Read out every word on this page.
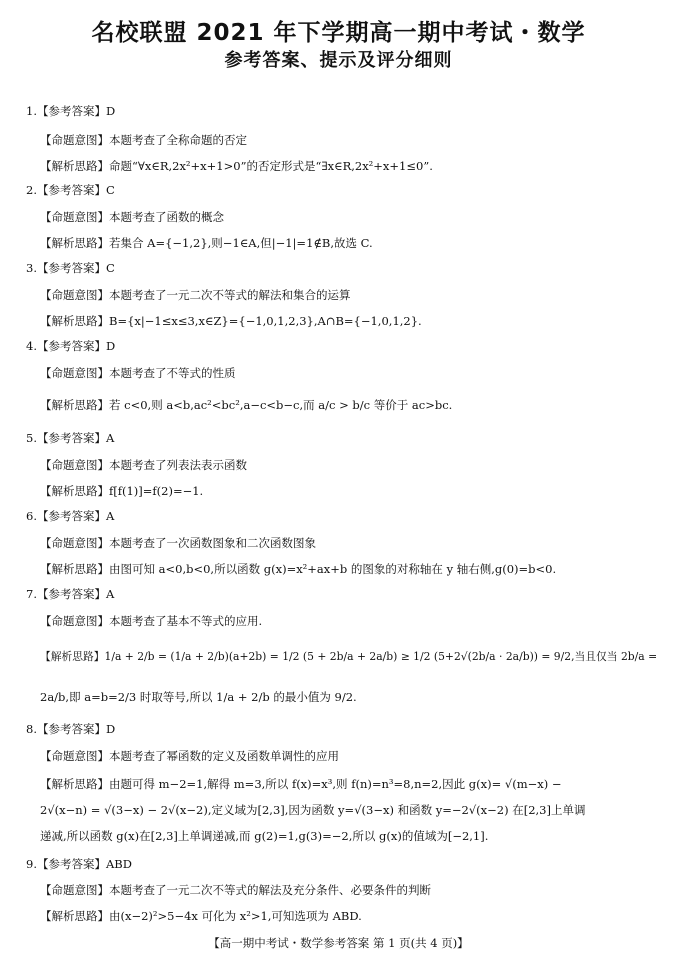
名校联盟 2021 年下学期高一期中考试・数学
参考答案、提示及评分细则
1.【参考答案】D
【命题意图】本题考查了全称命题的否定
【解析思路】命题“∀x∈R,2x²+x+1>0”的否定形式是“∃x∈R,2x²+x+1≤0”.
2.【参考答案】C
【命题意图】本题考查了函数的概念
【解析思路】若集合 A={−1,2},则−1∈A,但|−1|=1∉B,故选 C.
3.【参考答案】C
【命题意图】本题考查了一元二次不等式的解法和集合的运算
【解析思路】B={x|−1≤x≤3,x∈Z}={−1,0,1,2,3},A∩B={−1,0,1,2}.
4.【参考答案】D
【命题意图】本题考查了不等式的性质
【解析思路】若 c<0,则 a<b,ac²<bc²,a−c<b−c,而 a/c > b/c 等价于 ac>bc.
5.【参考答案】A
【命题意图】本题考查了列表法表示函数
【解析思路】f[f(1)]=f(2)=−1.
6.【参考答案】A
【命题意图】本题考查了一次函数图象和二次函数图象
【解析思路】由图可知 a<0,b<0,所以函数 g(x)=x²+ax+b 的图象的对称轴在 y 轴右侧,g(0)=b<0.
7.【参考答案】A
【命题意图】本题考查了基本不等式的应用.
【解析思路】1/a + 2/b = (1/a + 2/b)(a+2b) = 1/2 (5 + 2b/a + 2a/b) ≥ 1/2 (5+2√(2b/a · 2a/b)) = 9/2,当且仅当 2b/a =
2a/b,即 a=b=2/3 时取等号,所以 1/a + 2/b 的最小值为 9/2.
8.【参考答案】D
【命题意图】本题考查了幂函数的定义及函数单调性的应用
【解析思路】由题可得 m−2=1,解得 m=3,所以 f(x)=x³,则 f(n)=n³=8,n=2,因此 g(x)= √(m−x) −
2√(x−n) = √(3−x) − 2√(x−2),定义域为[2,3],因为函数 y=√(3−x) 和函数 y=−2√(x−2) 在[2,3]上单调
递减,所以函数 g(x)在[2,3]上单调递减,而 g(2)=1,g(3)=−2,所以 g(x)的值域为[−2,1].
9.【参考答案】ABD
【命题意图】本题考查了一元二次不等式的解法及充分条件、必要条件的判断
【解析思路】由(x−2)²>5−4x 可化为 x²>1,可知选项为 ABD.
【高一期中考试・数学参考答案 第 1 页(共 4 页)】
